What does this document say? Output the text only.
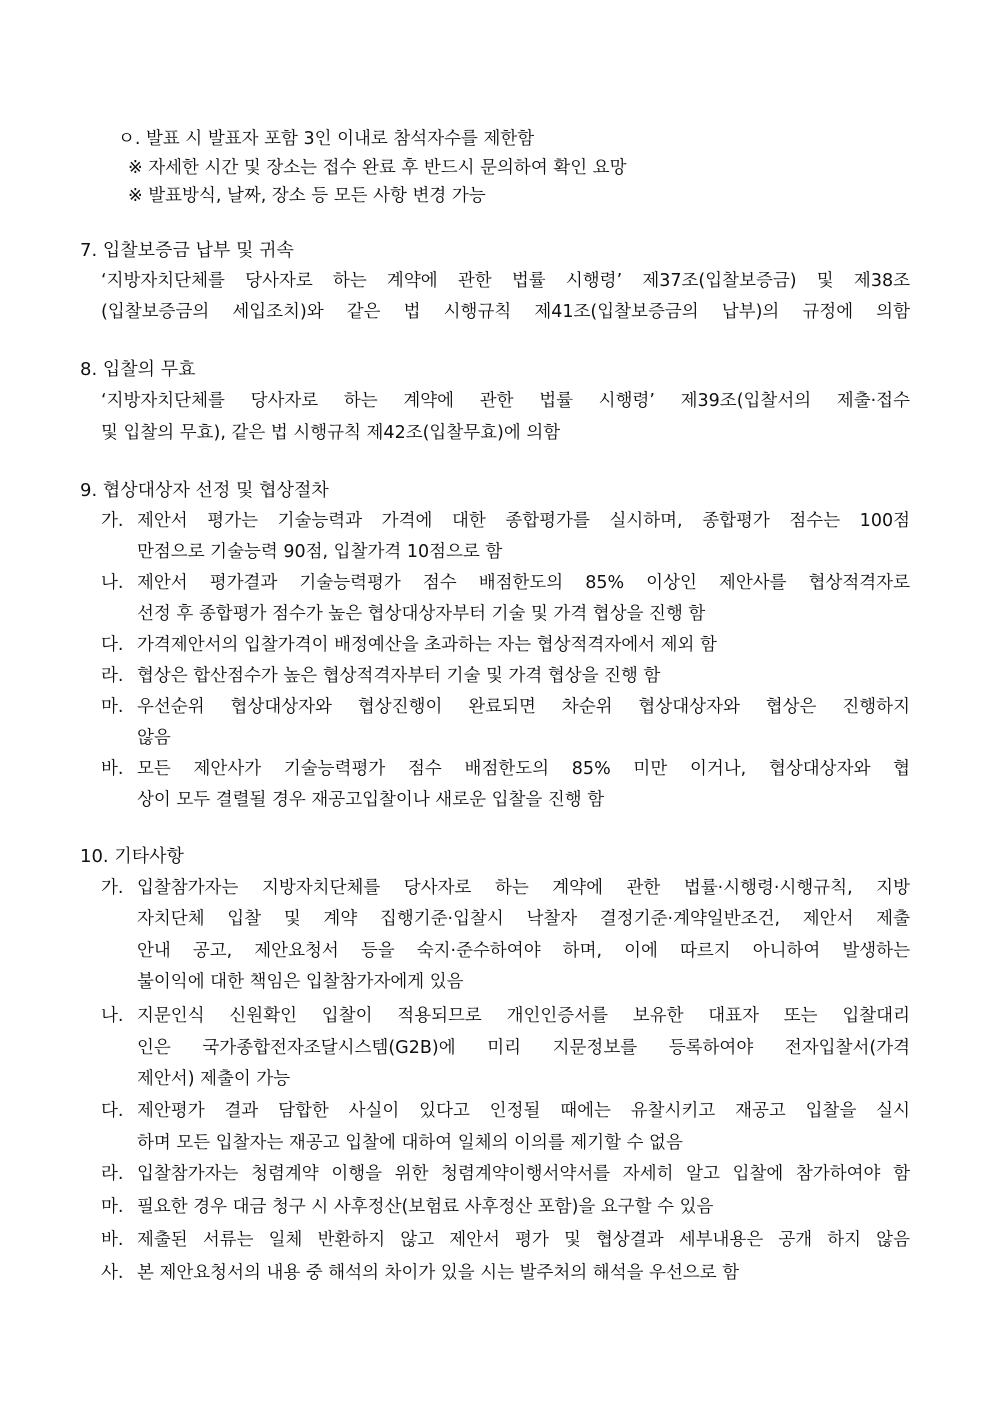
ㅇ. 발표 시 발표자 포함 3인 이내로 참석자수를 제한함
※ 자세한 시간 및 장소는 접수 완료 후 반드시 문의하여 확인 요망
※ 발표방식, 날짜, 장소 등 모든 사항 변경 가능
7. 입찰보증금 납부 및 귀속
‘지방자치단체를 당사자로 하는 계약에 관한 법률 시행령’ 제37조(입찰보증금) 및 제38조
(입찰보증금의 세입조치)와 같은 법 시행규칙 제41조(입찰보증금의 납부)의 규정에 의함
8. 입찰의 무효
‘지방자치단체를 당사자로 하는 계약에 관한 법률 시행령’ 제39조(입찰서의 제출·접수
및 입찰의 무효), 같은 법 시행규칙 제42조(입찰무효)에 의함
9. 협상대상자 선정 및 협상절차
가. 제안서 평가는 기술능력과 가격에 대한 종합평가를 실시하며, 종합평가 점수는 100점
만점으로 기술능력 90점, 입찰가격 10점으로 함
나. 제안서 평가결과 기술능력평가 점수 배점한도의 85% 이상인 제안사를 협상적격자로
선정 후 종합평가 점수가 높은 협상대상자부터 기술 및 가격 협상을 진행 함
다. 가격제안서의 입찰가격이 배정예산을 초과하는 자는 협상적격자에서 제외 함
라. 협상은 합산점수가 높은 협상적격자부터 기술 및 가격 협상을 진행 함
마. 우선순위 협상대상자와 협상진행이 완료되면 차순위 협상대상자와 협상은 진행하지
않음
바. 모든 제안사가 기술능력평가 점수 배점한도의 85% 미만 이거나, 협상대상자와 협
상이 모두 결렬될 경우 재공고입찰이나 새로운 입찰을 진행 함
10. 기타사항
가. 입찰참가자는 지방자치단체를 당사자로 하는 계약에 관한 법률·시행령·시행규칙, 지방
자치단체 입찰 및 계약 집행기준·입찰시 낙찰자 결정기준·계약일반조건, 제안서 제출
안내 공고, 제안요청서 등을 숙지·준수하여야 하며, 이에 따르지 아니하여 발생하는
불이익에 대한 책임은 입찰참가자에게 있음
나. 지문인식 신원확인 입찰이 적용되므로 개인인증서를 보유한 대표자 또는 입찰대리
인은 국가종합전자조달시스템(G2B)에 미리 지문정보를 등록하여야 전자입찰서(가격
제안서) 제출이 가능
다. 제안평가 결과 담합한 사실이 있다고 인정될 때에는 유찰시키고 재공고 입찰을 실시
하며 모든 입찰자는 재공고 입찰에 대하여 일체의 이의를 제기할 수 없음
라. 입찰참가자는 청렴계약 이행을 위한 청렴계약이행서약서를 자세히 알고 입찰에 참가하여야 함
마. 필요한 경우 대금 청구 시 사후정산(보험료 사후정산 포함)을 요구할 수 있음
바. 제출된 서류는 일체 반환하지 않고 제안서 평가 및 협상결과 세부내용은 공개 하지 않음
사. 본 제안요청서의 내용 중 해석의 차이가 있을 시는 발주처의 해석을 우선으로 함
